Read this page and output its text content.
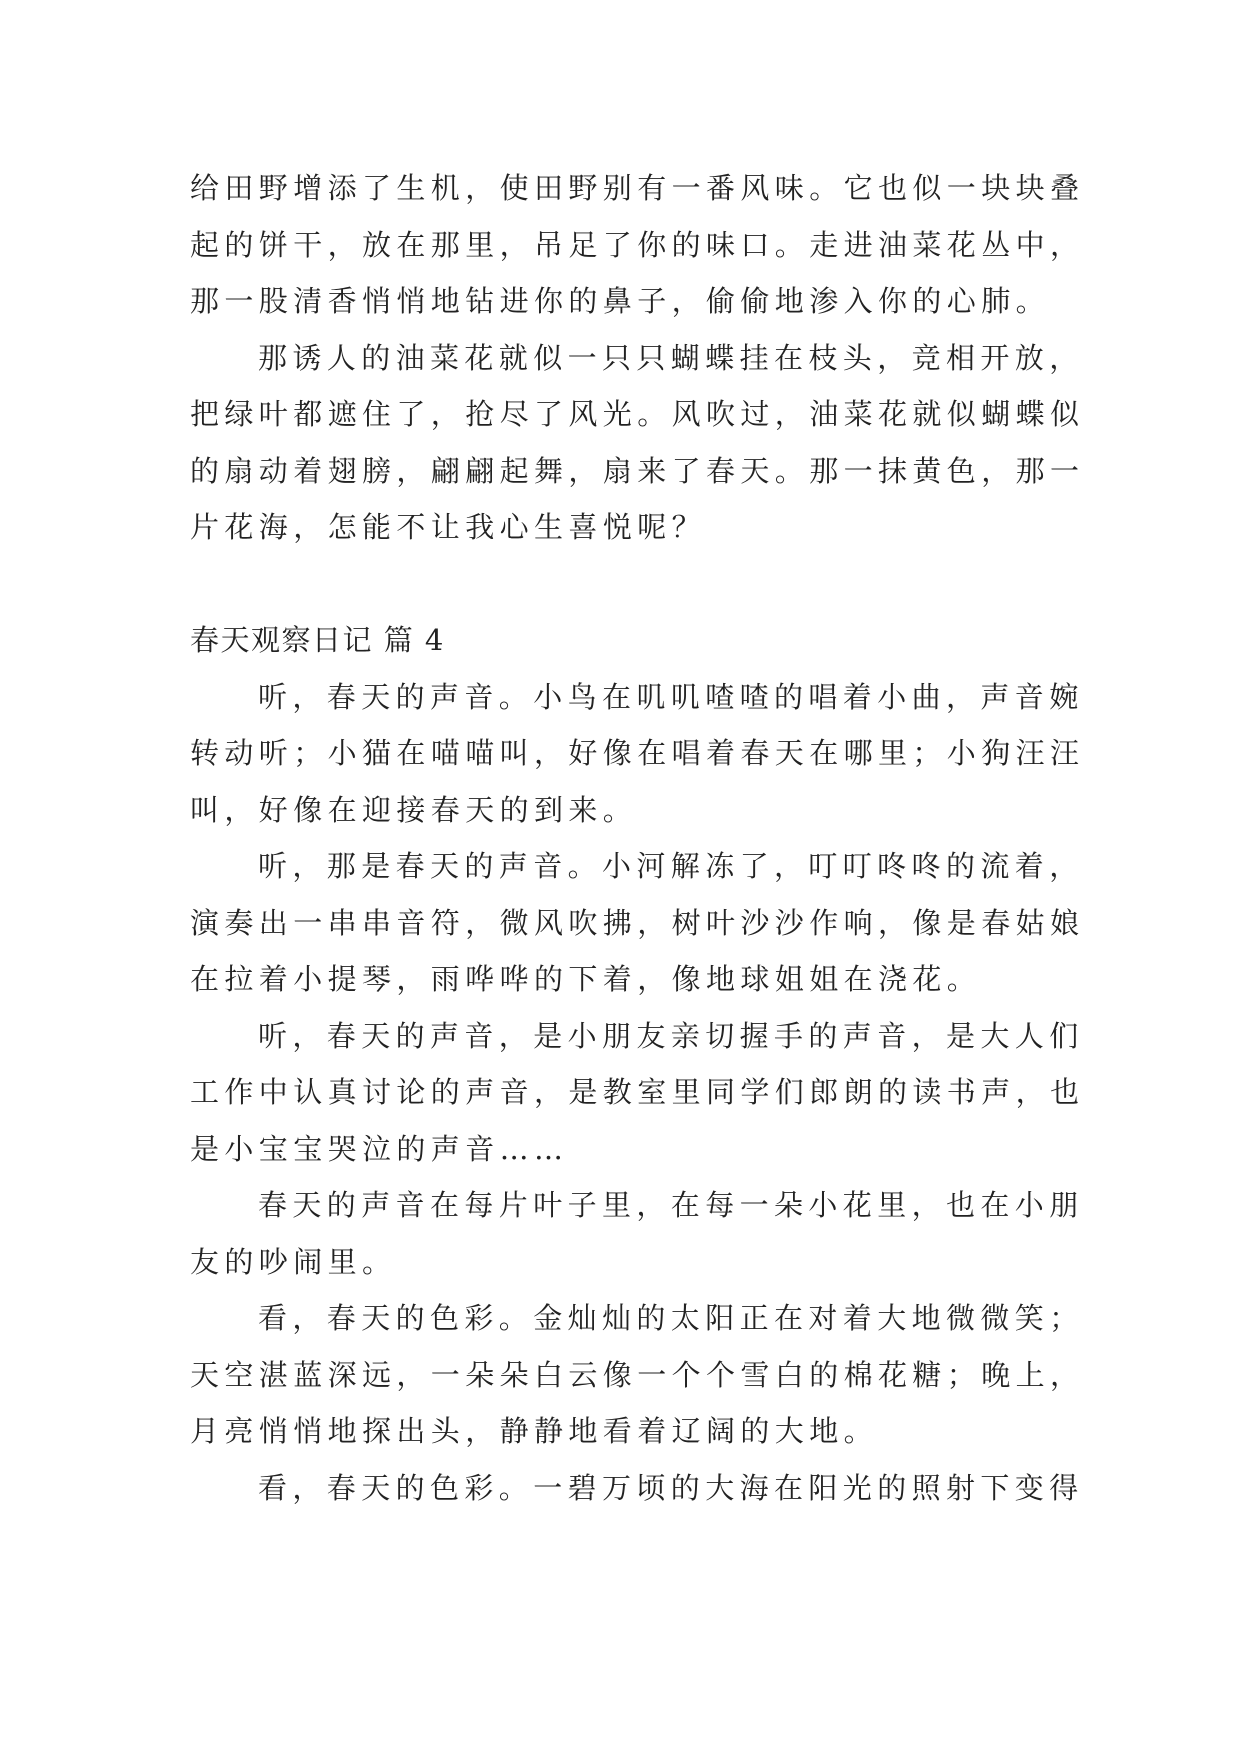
给田野增添了生机，使田野别有一番风味。它也似一块块叠
起的饼干，放在那里，吊足了你的味口。走进油菜花丛中，
那一股清香悄悄地钻进你的鼻子，偷偷地渗入你的心肺。

那诱人的油菜花就似一只只蝴蝶挂在枝头，竞相开放，
把绿叶都遮住了，抢尽了风光。风吹过，油菜花就似蝴蝶似
的扇动着翅膀，翩翩起舞，扇来了春天。那一抹黄色，那一
片花海，怎能不让我心生喜悦呢？

春天观察日记 篇 4

听，春天的声音。小鸟在叽叽喳喳的唱着小曲，声音婉
转动听；小猫在喵喵叫，好像在唱着春天在哪里；小狗汪汪
叫，好像在迎接春天的到来。

听，那是春天的声音。小河解冻了，叮叮咚咚的流着，
演奏出一串串音符，微风吹拂，树叶沙沙作响，像是春姑娘
在拉着小提琴，雨哗哗的下着，像地球姐姐在浇花。

听，春天的声音，是小朋友亲切握手的声音，是大人们
工作中认真讨论的声音，是教室里同学们郎朗的读书声，也
是小宝宝哭泣的声音……

春天的声音在每片叶子里，在每一朵小花里，也在小朋
友的吵闹里。

看，春天的色彩。金灿灿的太阳正在对着大地微微笑；
天空湛蓝深远，一朵朵白云像一个个雪白的棉花糖；晚上，
月亮悄悄地探出头，静静地看着辽阔的大地。

看，春天的色彩。一碧万顷的大海在阳光的照射下变得
